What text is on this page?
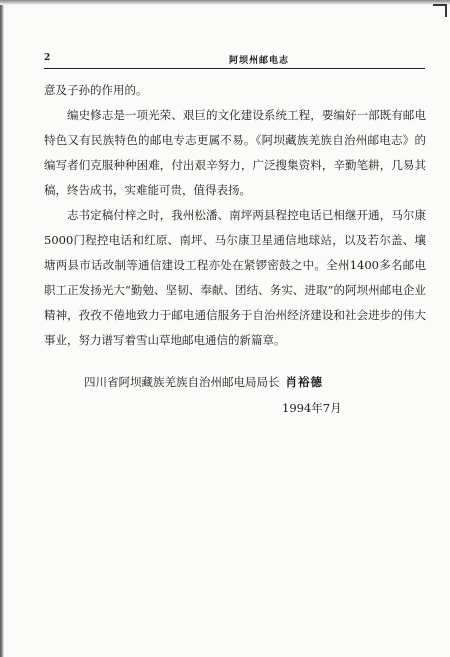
2	阿坝州邮电志

意及子孙的作用的。

编史修志是一项光荣、艰巨的文化建设系统工程，要编好一部既有邮电特色又有民族特色的邮电专志更属不易。《阿坝藏族羌族自治州邮电志》的编写者们克服种种困难，付出艰辛努力，广泛搜集资料，辛勤笔耕，几易其稿，终告成书，实难能可贵，值得表扬。

志书定稿付梓之时，我州松潘、南坪两县程控电话已相继开通，马尔康5000门程控电话和红原、南坪、马尔康卫星通信地球站，以及若尔盖、壤塘两县市话改制等通信建设工程亦处在紧锣密鼓之中。全州1400多名邮电职工正发扬光大“勤勉、坚韧、奉献、团结、务实、进取”的阿坝州邮电企业精神，孜孜不倦地致力于邮电通信服务于自治州经济建设和社会进步的伟大事业，努力谱写着雪山草地邮电通信的新篇章。

四川省阿坝藏族羌族自治州邮电局局长 肖裕德
1994年7月
